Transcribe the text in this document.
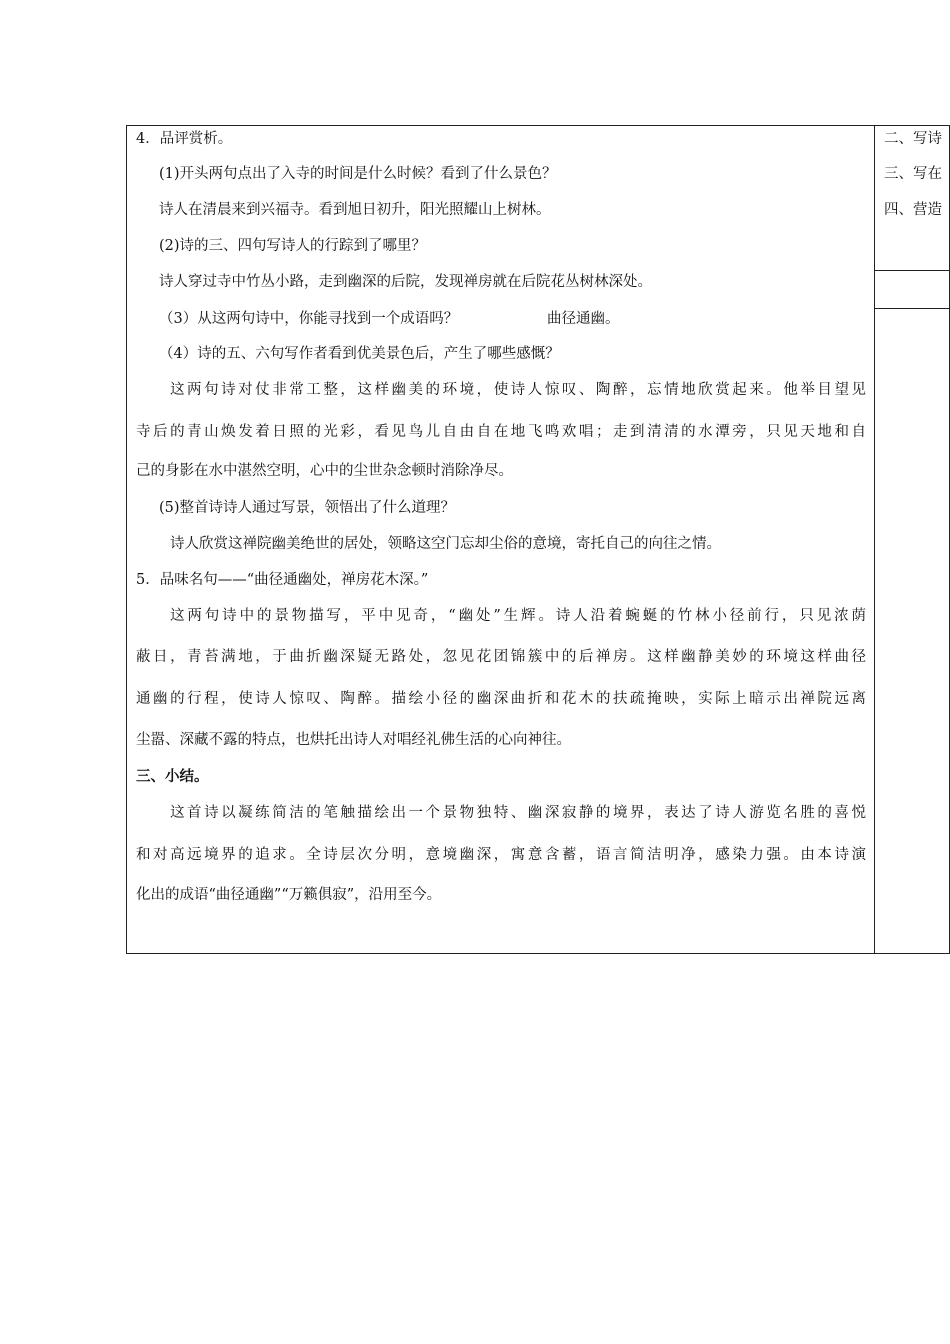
4．品评赏析。
(1)开头两句点出了入寺的时间是什么时候？看到了什么景色？
诗人在清晨来到兴福寺。看到旭日初升，阳光照耀山上树林。
(2)诗的三、四句写诗人的行踪到了哪里？
诗人穿过寺中竹丛小路，走到幽深的后院，发现禅房就在后院花丛树林深处。
（3）从这两句诗中，你能寻找到一个成语吗？	曲径通幽。
（4）诗的五、六句写作者看到优美景色后，产生了哪些感慨？
这两句诗对仗非常工整，这样幽美的环境，使诗人惊叹、陶醉，忘情地欣赏起来。他举目望见
寺后的青山焕发着日照的光彩，看见鸟儿自由自在地飞鸣欢唱；走到清清的水潭旁，只见天地和自
己的身影在水中湛然空明，心中的尘世杂念顿时消除净尽。
(5)整首诗诗人通过写景，领悟出了什么道理？
诗人欣赏这禅院幽美绝世的居处，领略这空门忘却尘俗的意境，寄托自己的向往之情。
5．品味名句——“曲径通幽处，禅房花木深。”
这两句诗中的景物描写，平中见奇，“幽处”生辉。诗人沿着蜿蜒的竹林小径前行，只见浓荫
蔽日，青苔满地，于曲折幽深疑无路处，忽见花团锦簇中的后禅房。这样幽静美妙的环境这样曲径
通幽的行程，使诗人惊叹、陶醉。描绘小径的幽深曲折和花木的扶疏掩映，实际上暗示出禅院远离
尘嚣、深藏不露的特点，也烘托出诗人对唱经礼佛生活的心向神往。
三、小结。
这首诗以凝练简洁的笔触描绘出一个景物独特、幽深寂静的境界，表达了诗人游览名胜的喜悦
和对高远境界的追求。全诗层次分明，意境幽深，寓意含蓄，语言简洁明净，感染力强。由本诗演
化出的成语“曲径通幽”“万籁俱寂”，沿用至今。
二、写诗
三、写在
四、营造
